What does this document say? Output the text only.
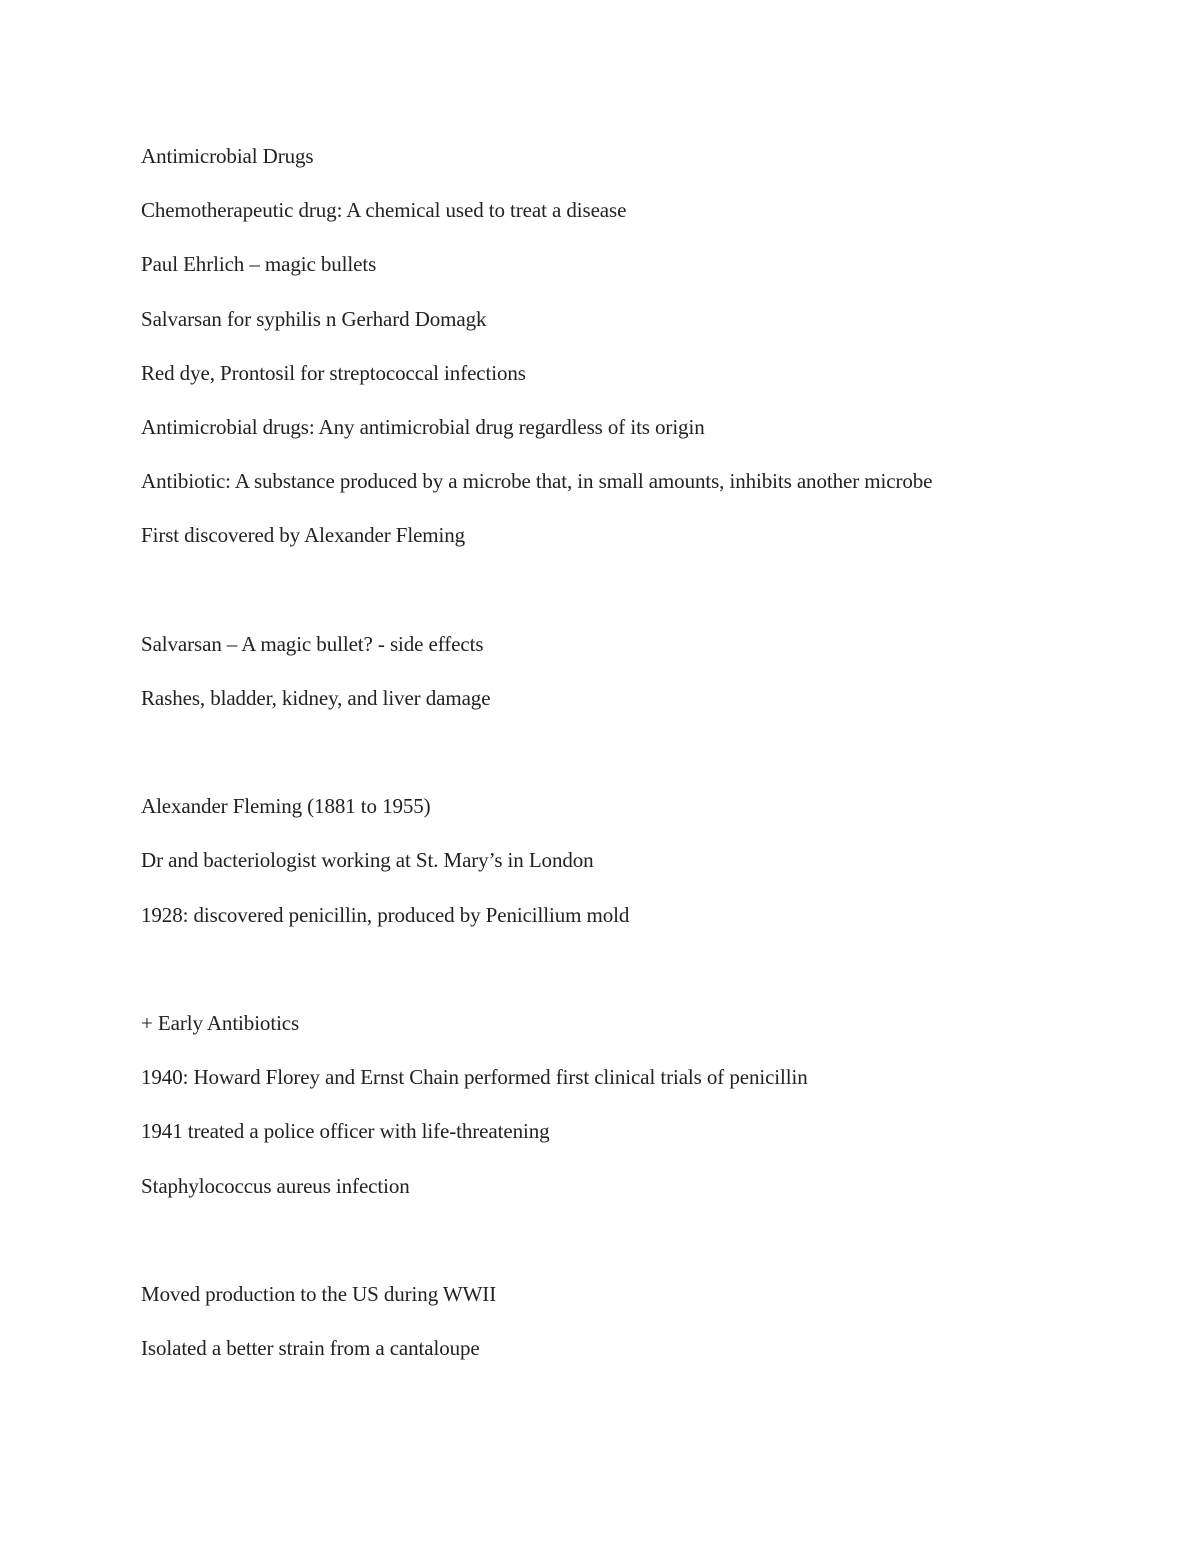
Antimicrobial Drugs
Chemotherapeutic drug: A chemical used to treat a disease
Paul Ehrlich – magic bullets
Salvarsan for syphilis n Gerhard Domagk
Red dye, Prontosil for streptococcal infections
Antimicrobial drugs: Any antimicrobial drug regardless of its origin
Antibiotic: A substance produced by a microbe that, in small amounts, inhibits another microbe
First discovered by Alexander Fleming
Salvarsan – A magic bullet? - side effects
Rashes, bladder, kidney, and liver damage
Alexander Fleming (1881 to 1955)
Dr and bacteriologist working at St. Mary’s in London
1928: discovered penicillin, produced by Penicillium mold
+ Early Antibiotics
1940: Howard Florey and Ernst Chain performed first clinical trials of penicillin
1941 treated a police officer with life-threatening
Staphylococcus aureus infection
Moved production to the US during WWII
Isolated a better strain from a cantaloupe
